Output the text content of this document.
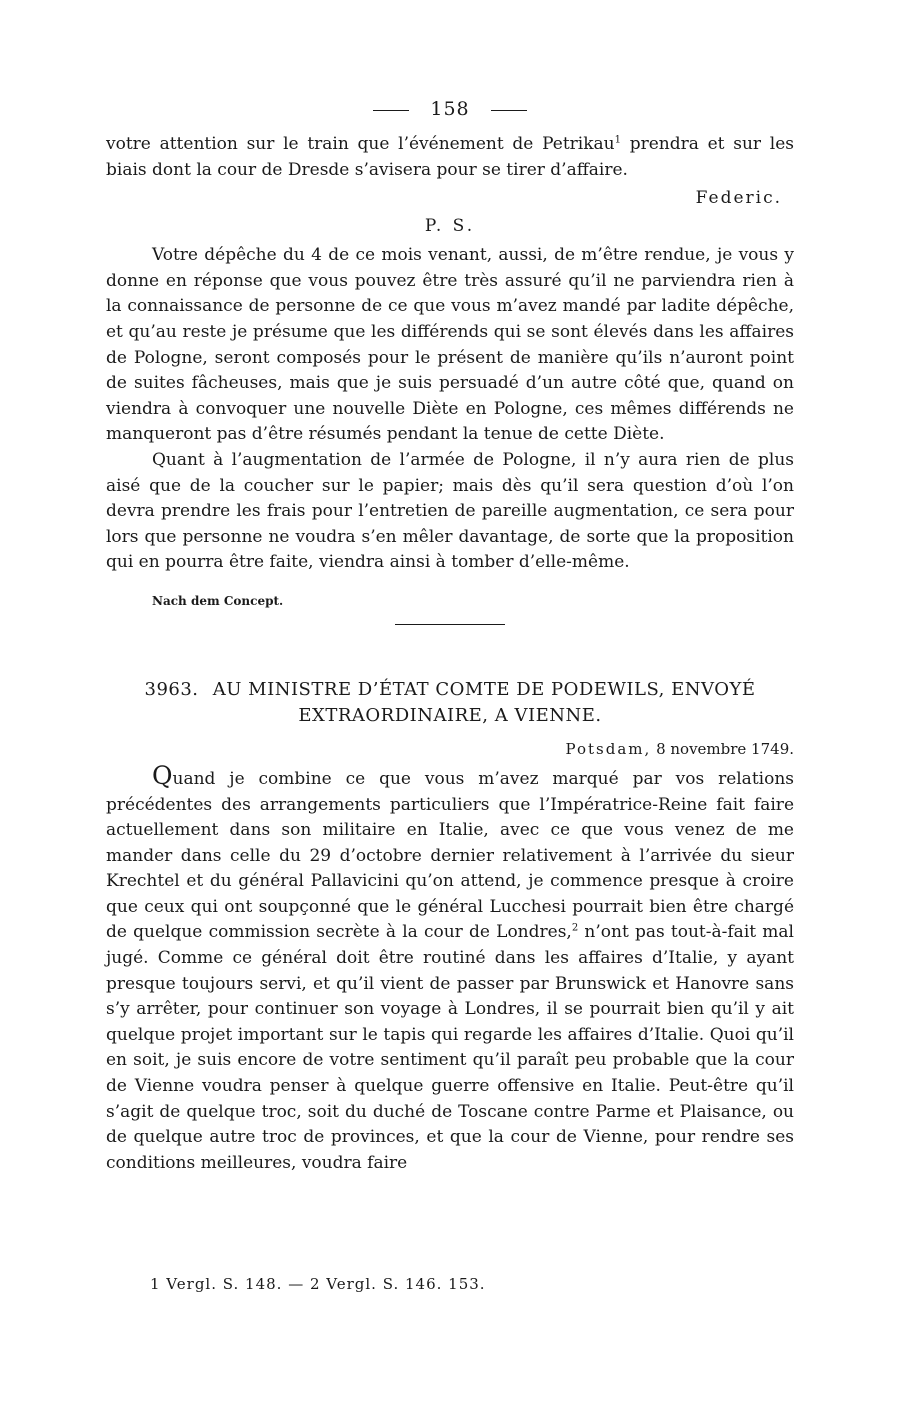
158

votre attention sur le train que l’événement de Petrikau$^1$ prendra et sur les biais dont la cour de Dresde s’avisera pour se tirer d’affaire.

Federic.
P. S.

Votre dépêche du 4 de ce mois venant, aussi, de m’être rendue, je vous y donne en réponse que vous pouvez être très assuré qu’il ne parviendra rien à la connaissance de personne de ce que vous m’avez mandé par ladite dépêche, et qu’au reste je présume que les différends qui se sont élevés dans les affaires de Pologne, seront composés pour le présent de manière qu’ils n’auront point de suites fâcheuses, mais que je suis persuadé d’un autre côté que, quand on viendra à convoquer une nouvelle Diète en Pologne, ces mêmes différends ne manqueront pas d’être résumés pendant la tenue de cette Diète.

Quant à l’augmentation de l’armée de Pologne, il n’y aura rien de plus aisé que de la coucher sur le papier; mais dès qu’il sera question d’où l’on devra prendre les frais pour l’entretien de pareille augmentation, ce sera pour lors que personne ne voudra s’en mêler davantage, de sorte que la proposition qui en pourra être faite, viendra ainsi à tomber d’elle-même.

Nach dem Concept.
3963. AU MINISTRE D’ÉTAT COMTE DE PODEWILS, ENVOYÉ EXTRAORDINAIRE, A VIENNE.
Potsdam, 8 novembre 1749.

Quand je combine ce que vous m’avez marqué par vos relations précédentes des arrangements particuliers que l’Impératrice-Reine fait faire actuellement dans son militaire en Italie, avec ce que vous venez de me mander dans celle du 29 d’octobre dernier relativement à l’arrivée du sieur Krechtel et du général Pallavicini qu’on attend, je commence presque à croire que ceux qui ont soupçonné que le général Lucchesi pourrait bien être chargé de quelque commission secrète à la cour de Londres,$^2$ n’ont pas tout-à-fait mal jugé. Comme ce général doit être routiné dans les affaires d’Italie, y ayant presque toujours servi, et qu’il vient de passer par Brunswick et Hanovre sans s’y arrêter, pour continuer son voyage à Londres, il se pourrait bien qu’il y ait quelque projet important sur le tapis qui regarde les affaires d’Italie. Quoi qu’il en soit, je suis encore de votre sentiment qu’il paraît peu probable que la cour de Vienne voudra penser à quelque guerre offensive en Italie. Peut-être qu’il s’agit de quelque troc, soit du duché de Toscane contre Parme et Plaisance, ou de quelque autre troc de provinces, et que la cour de Vienne, pour rendre ses conditions meilleures, voudra faire

1 Vergl. S. 148. — 2 Vergl. S. 146. 153.
